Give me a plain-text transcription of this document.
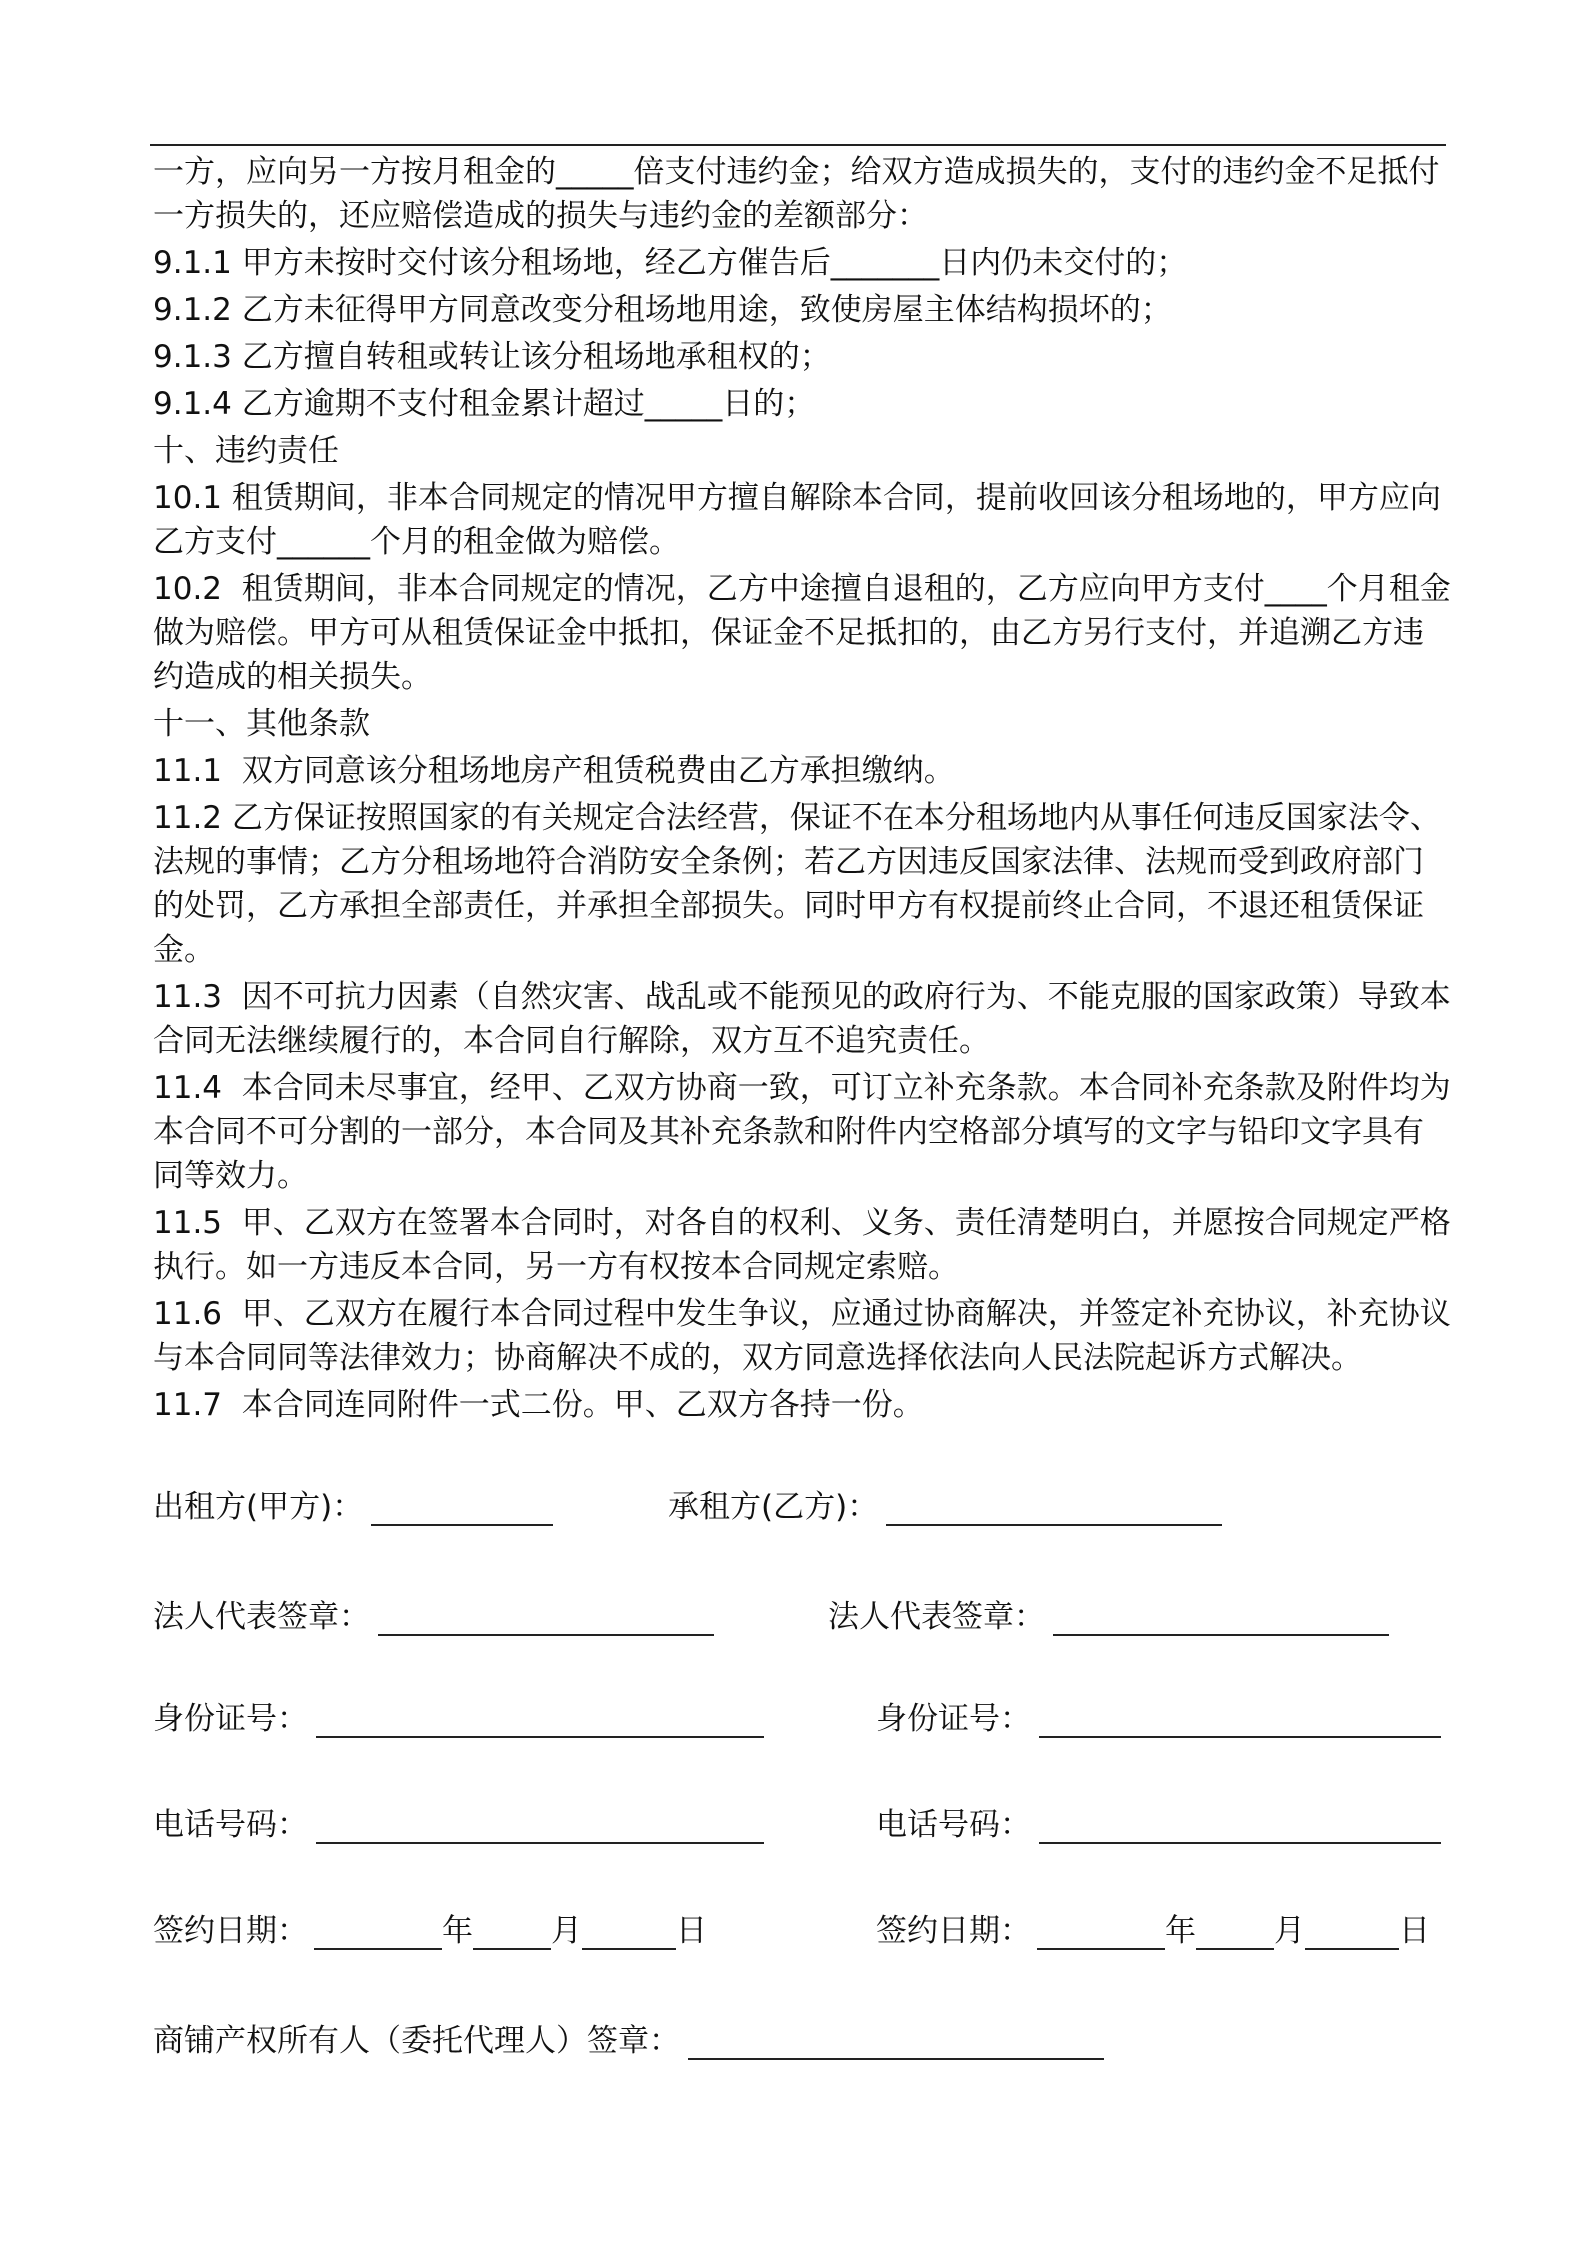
一方，应向另一方按月租金的_____倍支付违约金；给双方造成损失的，支付的违约金不足抵付一方损失的，还应赔偿造成的损失与违约金的差额部分：

9.1.1 甲方未按时交付该分租场地，经乙方催告后_______日内仍未交付的；

9.1.2 乙方未征得甲方同意改变分租场地用途，致使房屋主体结构损坏的；

9.1.3 乙方擅自转租或转让该分租场地承租权的；

9.1.4 乙方逾期不支付租金累计超过_____日的；

十、违约责任

10.1 租赁期间，非本合同规定的情况甲方擅自解除本合同，提前收回该分租场地的，甲方应向乙方支付______个月的租金做为赔偿。

10.2  租赁期间，非本合同规定的情况，乙方中途擅自退租的，乙方应向甲方支付____个月租金做为赔偿。甲方可从租赁保证金中抵扣，保证金不足抵扣的，由乙方另行支付，并追溯乙方违约造成的相关损失。

十一、其他条款

11.1  双方同意该分租场地房产租赁税费由乙方承担缴纳。

11.2 乙方保证按照国家的有关规定合法经营，保证不在本分租场地内从事任何违反国家法令、法规的事情；乙方分租场地符合消防安全条例；若乙方因违反国家法律、法规而受到政府部门的处罚，乙方承担全部责任，并承担全部损失。同时甲方有权提前终止合同，不退还租赁保证金。

11.3  因不可抗力因素（自然灾害、战乱或不能预见的政府行为、不能克服的国家政策）导致本合同无法继续履行的，本合同自行解除，双方互不追究责任。

11.4  本合同未尽事宜，经甲、乙双方协商一致，可订立补充条款。本合同补充条款及附件均为本合同不可分割的一部分，本合同及其补充条款和附件内空格部分填写的文字与铅印文字具有同等效力。

11.5  甲、乙双方在签署本合同时，对各自的权利、义务、责任清楚明白，并愿按合同规定严格执行。如一方违反本合同，另一方有权按本合同规定索赔。

11.6  甲、乙双方在履行本合同过程中发生争议，应通过协商解决，并签定补充协议，补充协议与本合同同等法律效力；协商解决不成的，双方同意选择依法向人民法院起诉方式解决。

11.7  本合同连同附件一式二份。甲、乙双方各持一份。

出租方(甲方)：	承租方(乙方)：
法人代表签章：	法人代表签章：
身份证号：	身份证号：
电话号码：	电话号码：
签约日期：	年	月	日	签约日期：	年	月	日
商铺产权所有人（委托代理人）签章：
